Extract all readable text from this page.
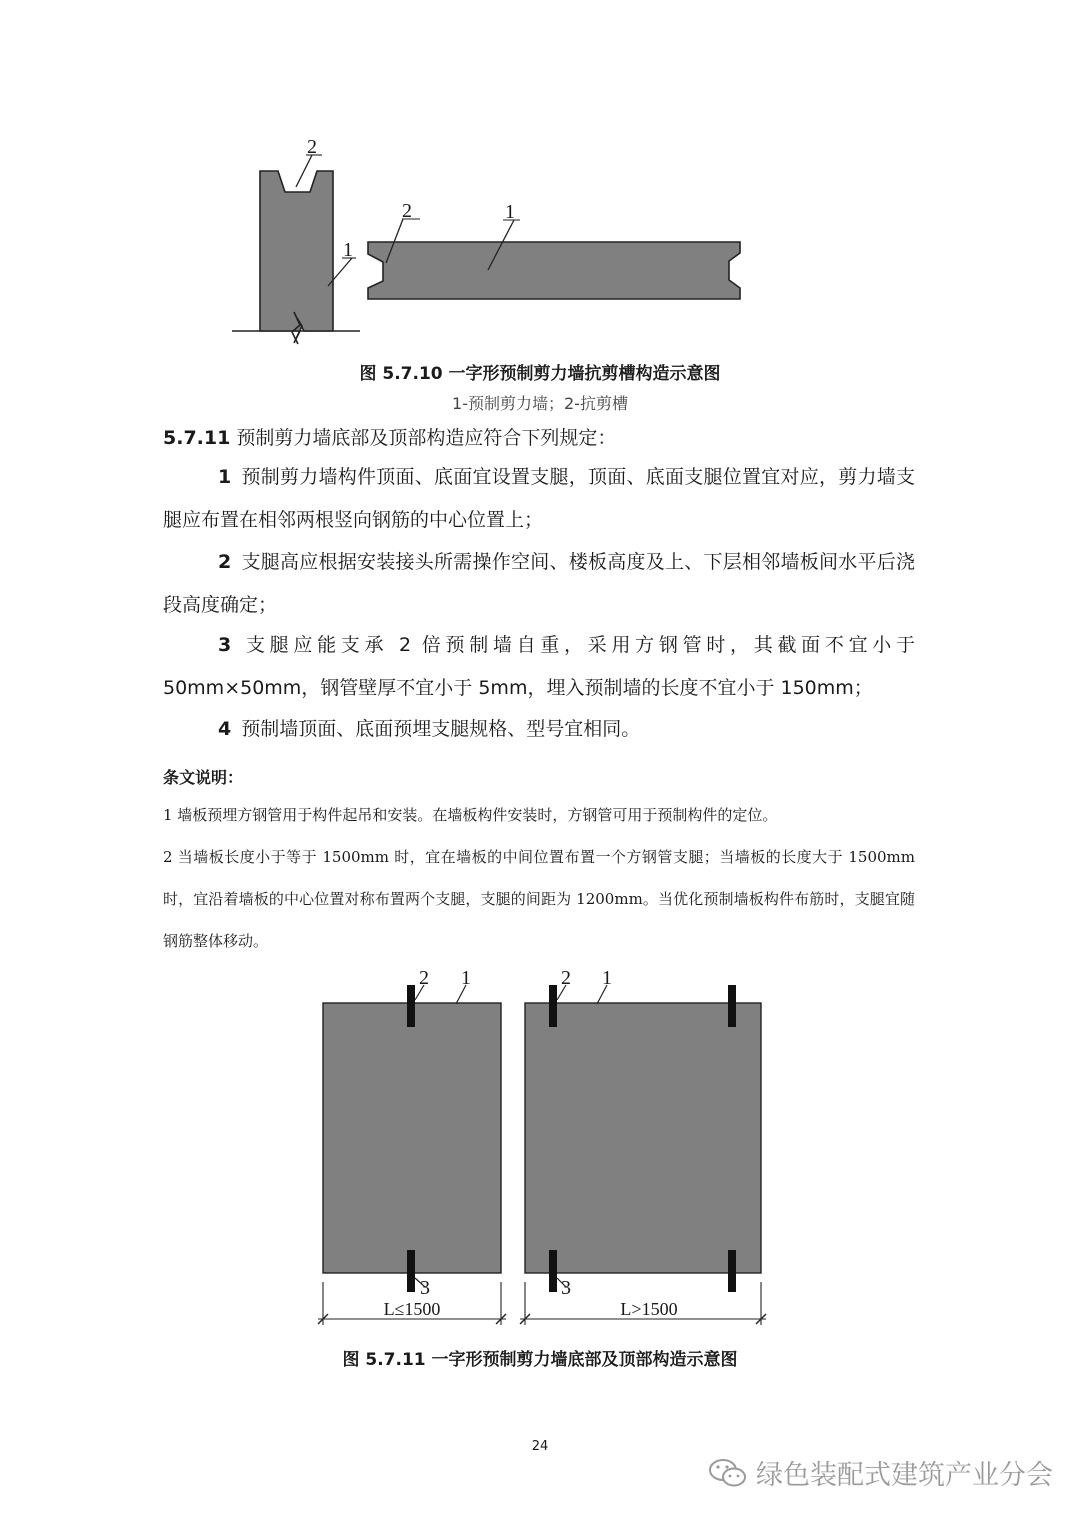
2
1
2	1
图 5.7.10 一字形预制剪力墙抗剪槽构造示意图
1-预制剪力墙；2-抗剪槽
5.7.11 预制剪力墙底部及顶部构造应符合下列规定：
1 预制剪力墙构件顶面、底面宜设置支腿，顶面、底面支腿位置宜对应，剪力墙支腿应布置在相邻两根竖向钢筋的中心位置上；
2 支腿高应根据安装接头所需操作空间、楼板高度及上、下层相邻墙板间水平后浇段高度确定；
3 支腿应能支承 2 倍预制墙自重，采用方钢管时，其截面不宜小于 50mm×50mm，钢管壁厚不宜小于 5mm，埋入预制墙的长度不宜小于 150mm；
4 预制墙顶面、底面预埋支腿规格、型号宜相同。
条文说明：
1 墙板预埋方钢管用于构件起吊和安装。在墙板构件安装时，方钢管可用于预制构件的定位。
2 当墙板长度小于等于 1500mm 时，宜在墙板的中间位置布置一个方钢管支腿；当墙板的长度大于 1500mm 时，宜沿着墙板的中心位置对称布置两个支腿，支腿的间距为 1200mm。当优化预制墙板构件布筋时，支腿宜随钢筋整体移动。
2 1
3
L≤1500
2 1
3
L>1500
图 5.7.11 一字形预制剪力墙底部及顶部构造示意图
24
绿色装配式建筑产业分会
